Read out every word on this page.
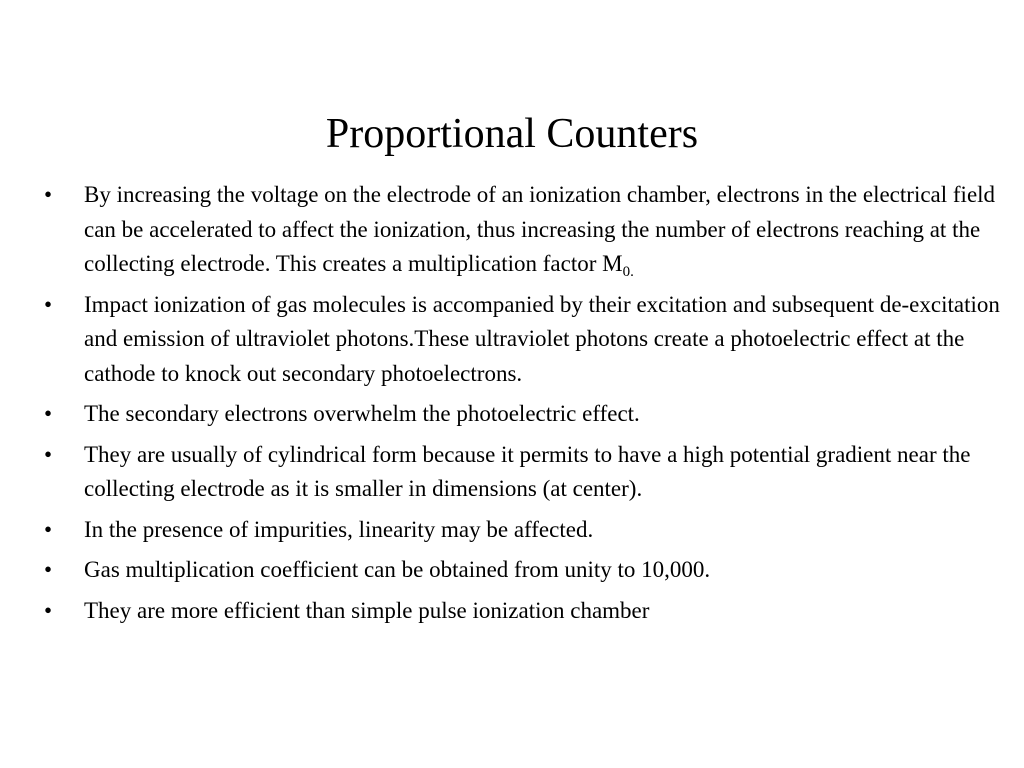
Proportional Counters
•	By increasing the voltage on the electrode of an ionization chamber, electrons in the electrical field can be accelerated to affect the ionization, thus increasing the number of electrons reaching at the collecting electrode. This creates a multiplication factor $M_{0.}$
•	Impact ionization of gas molecules is accompanied by their excitation and subsequent de-excitation and emission of ultraviolet photons.These ultraviolet photons create a photoelectric effect at the cathode to knock out secondary photoelectrons.
•	The secondary electrons overwhelm the photoelectric effect.
•	They are usually of cylindrical form because it permits to have a high potential gradient near the collecting electrode as it is smaller in dimensions (at center).
•	In the presence of impurities, linearity may be affected.
•	Gas multiplication coefficient can be obtained from unity to 10,000.
•	They are more efficient than simple pulse ionization chamber
